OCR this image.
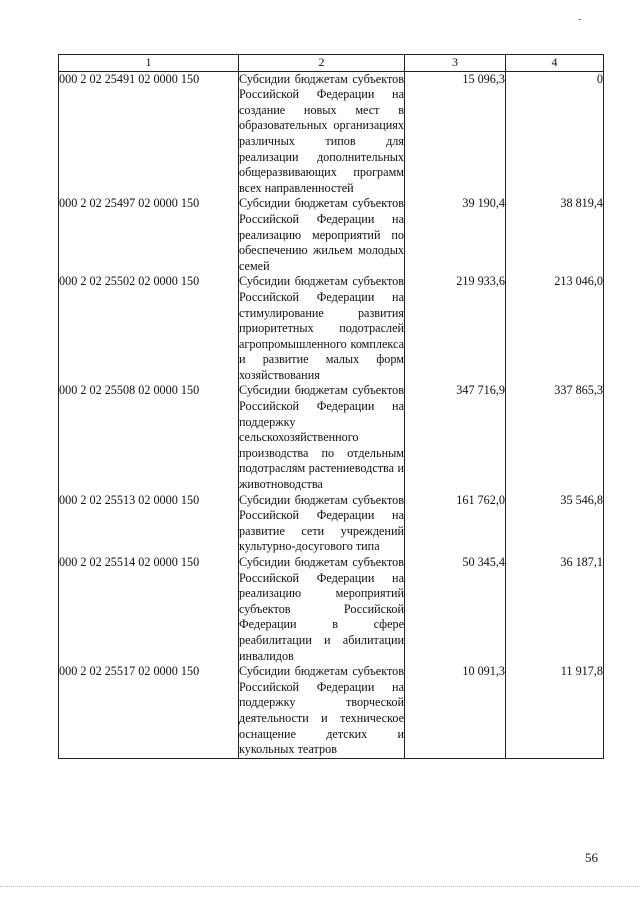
-
1	2	3	4
000 2 02 25491 02 0000 150	Субсидии бюджетам субъектов Российской Федерации на создание новых мест в образовательных организациях различных типов для реализации дополнительных общеразвивающих программ всех направленностей	15 096,3	0
000 2 02 25497 02 0000 150	Субсидии бюджетам субъектов Российской Федерации на реализацию мероприятий по обеспечению жильем молодых семей	39 190,4	38 819,4
000 2 02 25502 02 0000 150	Субсидии бюджетам субъектов Российской Федерации на стимулирование развития приоритетных подотраслей агропромышленного комплекса и развитие малых форм хозяйствования	219 933,6	213 046,0
000 2 02 25508 02 0000 150	Субсидии бюджетам субъектов Российской Федерации на поддержку сельскохозяйственного производства по отдельным подотраслям растениеводства и животноводства	347 716,9	337 865,3
000 2 02 25513 02 0000 150	Субсидии бюджетам субъектов Российской Федерации на развитие сети учреждений культурно-досугового типа	161 762,0	35 546,8
000 2 02 25514 02 0000 150	Субсидии бюджетам субъектов Российской Федерации на реализацию мероприятий субъектов Российской Федерации в сфере реабилитации и абилитации инвалидов	50 345,4	36 187,1
000 2 02 25517 02 0000 150	Субсидии бюджетам субъектов Российской Федерации на поддержку творческой деятельности и техническое оснащение детских и кукольных театров	10 091,3	11 917,8
56
